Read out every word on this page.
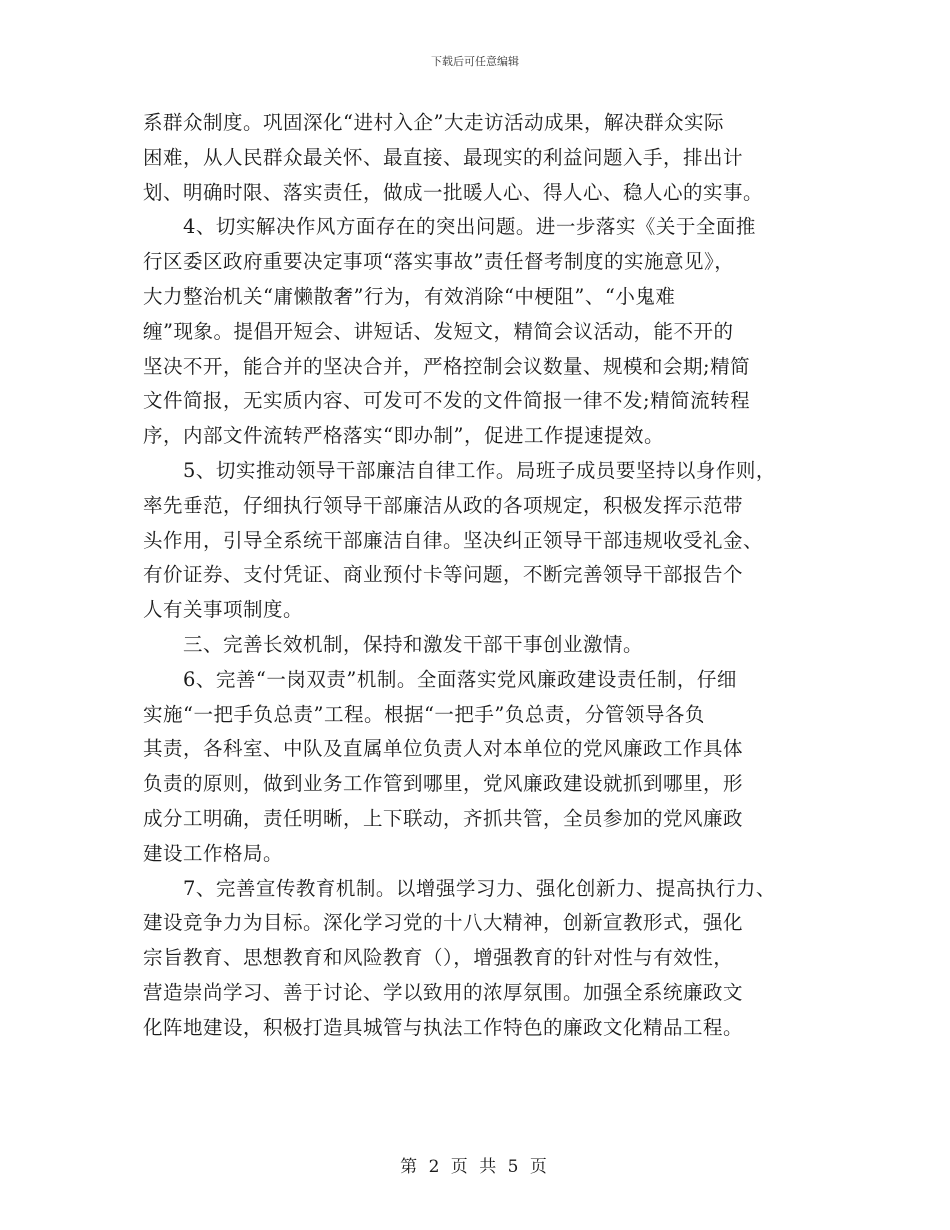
下载后可任意编辑
系群众制度。巩固深化“进村入企”大走访活动成果，解决群众实际
困难，从人民群众最关怀、最直接、最现实的利益问题入手，排出计
划、明确时限、落实责任，做成一批暖人心、得人心、稳人心的实事。
4、切实解决作风方面存在的突出问题。进一步落实《关于全面推
行区委区政府重要决定事项“落实事故”责任督考制度的实施意见》，
大力整治机关“庸懒散奢”行为，有效消除“中梗阻”、“小鬼难
缠”现象。提倡开短会、讲短话、发短文，精简会议活动，能不开的
坚决不开，能合并的坚决合并，严格控制会议数量、规模和会期;精简
文件简报，无实质内容、可发可不发的文件简报一律不发;精简流转程
序，内部文件流转严格落实“即办制”，促进工作提速提效。
5、切实推动领导干部廉洁自律工作。局班子成员要坚持以身作则，
率先垂范，仔细执行领导干部廉洁从政的各项规定，积极发挥示范带
头作用，引导全系统干部廉洁自律。坚决纠正领导干部违规收受礼金、
有价证券、支付凭证、商业预付卡等问题，不断完善领导干部报告个
人有关事项制度。
三、完善长效机制，保持和激发干部干事创业激情。
6、完善“一岗双责”机制。全面落实党风廉政建设责任制，仔细
实施“一把手负总责”工程。根据“一把手”负总责，分管领导各负
其责，各科室、中队及直属单位负责人对本单位的党风廉政工作具体
负责的原则，做到业务工作管到哪里，党风廉政建设就抓到哪里，形
成分工明确，责任明晰，上下联动，齐抓共管，全员参加的党风廉政
建设工作格局。
7、完善宣传教育机制。以增强学习力、强化创新力、提高执行力、
建设竞争力为目标。深化学习党的十八大精神，创新宣教形式，强化
宗旨教育、思想教育和风险教育（），增强教育的针对性与有效性，
营造崇尚学习、善于讨论、学以致用的浓厚氛围。加强全系统廉政文
化阵地建设，积极打造具城管与执法工作特色的廉政文化精品工程。
第 2 页 共 5 页
